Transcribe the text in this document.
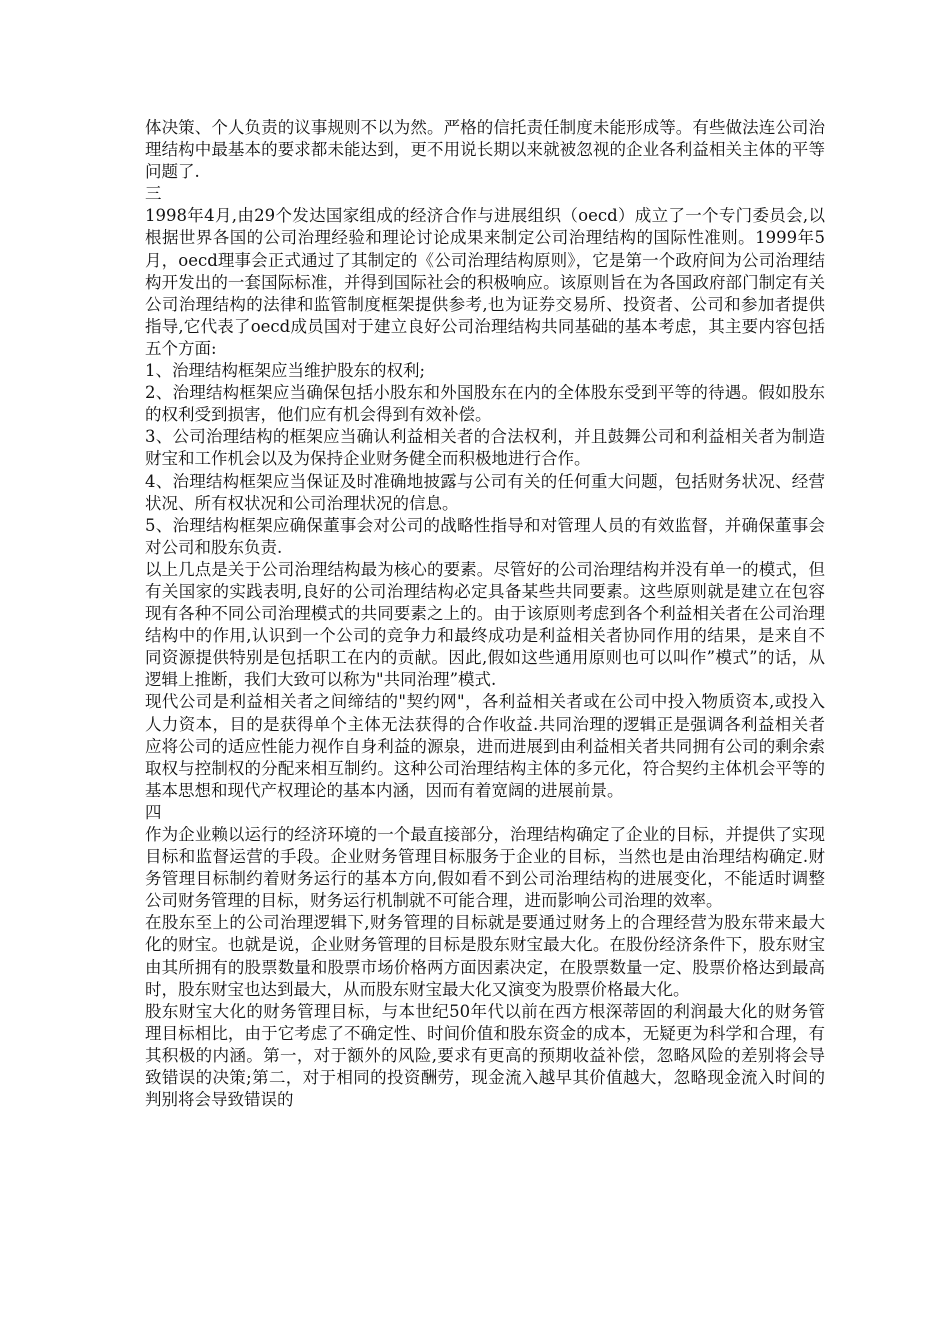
体决策、个人负责的议事规则不以为然。严格的信托责任制度未能形成等。有些做法连公司治理结构中最基本的要求都未能达到，更不用说长期以来就被忽视的企业各利益相关主体的平等问题了.

三

1998年4月,由29个发达国家组成的经济合作与进展组织（oecd）成立了一个专门委员会,以根据世界各国的公司治理经验和理论讨论成果来制定公司治理结构的国际性准则。1999年5月，oecd理事会正式通过了其制定的《公司治理结构原则》，它是第一个政府间为公司治理结构开发出的一套国际标准，并得到国际社会的积极响应。该原则旨在为各国政府部门制定有关公司治理结构的法律和监管制度框架提供参考,也为证券交易所、投资者、公司和参加者提供指导,它代表了oecd成员国对于建立良好公司治理结构共同基础的基本考虑，其主要内容包括五个方面:

1、治理结构框架应当维护股东的权利;

2、治理结构框架应当确保包括小股东和外国股东在内的全体股东受到平等的待遇。假如股东的权利受到损害，他们应有机会得到有效补偿。

3、公司治理结构的框架应当确认利益相关者的合法权利，并且鼓舞公司和利益相关者为制造财宝和工作机会以及为保持企业财务健全而积极地进行合作。

4、治理结构框架应当保证及时准确地披露与公司有关的任何重大问题，包括财务状况、经营状况、所有权状况和公司治理状况的信息。

5、治理结构框架应确保董事会对公司的战略性指导和对管理人员的有效监督，并确保董事会对公司和股东负责.

以上几点是关于公司治理结构最为核心的要素。尽管好的公司治理结构并没有单一的模式，但有关国家的实践表明,良好的公司治理结构必定具备某些共同要素。这些原则就是建立在包容现有各种不同公司治理模式的共同要素之上的。由于该原则考虑到各个利益相关者在公司治理结构中的作用,认识到一个公司的竞争力和最终成功是利益相关者协同作用的结果，是来自不同资源提供特别是包括职工在内的贡献。因此,假如这些通用原则也可以叫作”模式”的话，从逻辑上推断，我们大致可以称为"共同治理”模式.

现代公司是利益相关者之间缔结的"契约网"，各利益相关者或在公司中投入物质资本,或投入人力资本，目的是获得单个主体无法获得的合作收益.共同治理的逻辑正是强调各利益相关者应将公司的适应性能力视作自身利益的源泉，进而进展到由利益相关者共同拥有公司的剩余索取权与控制权的分配来相互制约。这种公司治理结构主体的多元化，符合契约主体机会平等的基本思想和现代产权理论的基本内涵，因而有着宽阔的进展前景。

四

作为企业赖以运行的经济环境的一个最直接部分，治理结构确定了企业的目标，并提供了实现目标和监督运营的手段。企业财务管理目标服务于企业的目标，当然也是由治理结构确定.财务管理目标制约着财务运行的基本方向,假如看不到公司治理结构的进展变化，不能适时调整公司财务管理的目标，财务运行机制就不可能合理，进而影响公司治理的效率。

在股东至上的公司治理逻辑下,财务管理的目标就是要通过财务上的合理经营为股东带来最大化的财宝。也就是说，企业财务管理的目标是股东财宝最大化。在股份经济条件下，股东财宝由其所拥有的股票数量和股票市场价格两方面因素决定，在股票数量一定、股票价格达到最高时，股东财宝也达到最大，从而股东财宝最大化又演变为股票价格最大化。

股东财宝大化的财务管理目标，与本世纪50年代以前在西方根深蒂固的利润最大化的财务管理目标相比，由于它考虑了不确定性、时间价值和股东资金的成本，无疑更为科学和合理，有其积极的内涵。第一，对于额外的风险,要求有更高的预期收益补偿，忽略风险的差别将会导致错误的决策;第二，对于相同的投资酬劳，现金流入越早其价值越大，忽略现金流入时间的判别将会导致错误的
